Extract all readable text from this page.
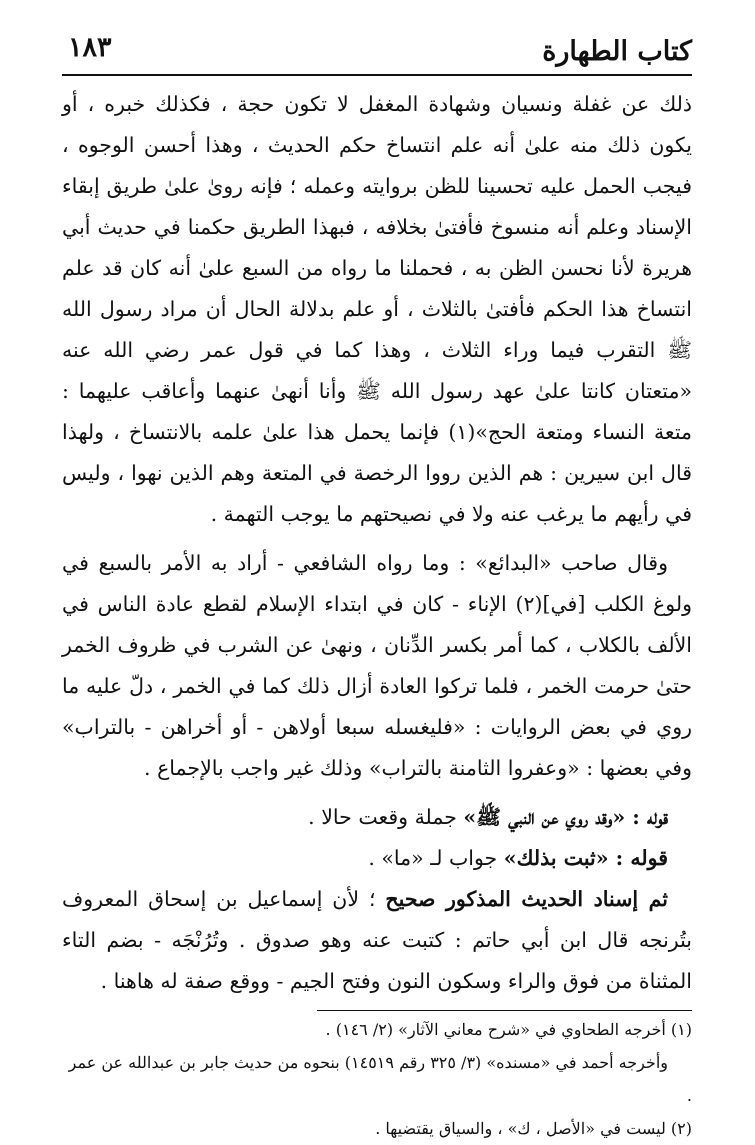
كتاب الطهارة
١٨٣

ذلك عن غفلة ونسيان وشهادة المغفل لا تكون حجة ، فكذلك خبره ، أو يكون ذلك منه علىٰ أنه علم انتساخ حكم الحديث ، وهذا أحسن الوجوه ، فيجب الحمل عليه تحسينا للظن بروايته وعمله ؛ فإنه روىٰ علىٰ طريق إبقاء الإسناد وعلم أنه منسوخ فأفتىٰ بخلافه ، فبهذا الطريق حكمنا في حديث أبي هريرة لأنا نحسن الظن به ، فحملنا ما رواه من السبع علىٰ أنه كان قد علم انتساخ هذا الحكم فأفتىٰ بالثلاث ، أو علم بدلالة الحال أن مراد رسول الله ﷺ التقرب فيما وراء الثلاث ، وهذا كما في قول عمر رضي الله عنه «متعتان كانتا علىٰ عهد رسول الله ﷺ وأنا أنهىٰ عنهما وأعاقب عليهما : متعة النساء ومتعة الحج»(١) فإنما يحمل هذا علىٰ علمه بالانتساخ ، ولهذا قال ابن سيرين : هم الذين رووا الرخصة في المتعة وهم الذين نهوا ، وليس في رأيهم ما يرغب عنه ولا في نصيحتهم ما يوجب التهمة .

وقال صاحب «البدائع» : وما رواه الشافعي - أراد به الأمر بالسبع في ولوغ الكلب [في](٢) الإناء - كان في ابتداء الإسلام لقطع عادة الناس في الألف بالكلاب ، كما أمر بكسر الدِّنان ، ونهىٰ عن الشرب في ظروف الخمر حتىٰ حرمت الخمر ، فلما تركوا العادة أزال ذلك كما في الخمر ، دلّ عليه ما روي في بعض الروايات : «فليغسله سبعا أولاهن - أو أخراهن - بالتراب» وفي بعضها : «وعفروا الثامنة بالتراب» وذلك غير واجب بالإجماع .

قوله : «وقد روي عن النبي ﷺ» جملة وقعت حالا .

قوله : «ثبت بذلك» جواب لـ «ما» .

ثم إسناد الحديث المذكور صحيح ؛ لأن إسماعيل بن إسحاق المعروف بتُرنجه قال ابن أبي حاتم : كتبت عنه وهو صدوق . وتُرُنْجَه - بضم التاء المثناة من فوق والراء وسكون النون وفتح الجيم - ووقع صفة له هاهنا .

(١) أخرجه الطحاوي في «شرح معاني الآثار» (٢/ ١٤٦) .

وأخرجه أحمد في «مسنده» (٣/ ٣٢٥ رقم ١٤٥١٩) بنحوه من حديث جابر بن عبدالله عن عمر .

(٢) ليست في «الأصل ، ك» ، والسياق يقتضيها .
